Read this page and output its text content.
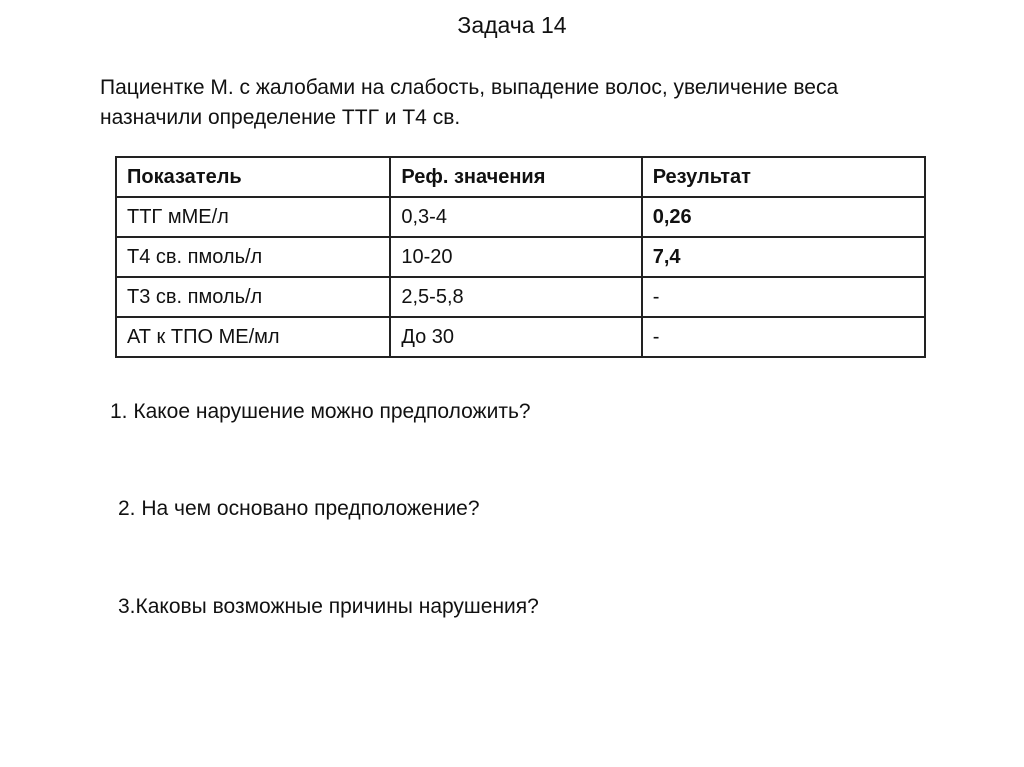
Задача 14

Пациентке М. с жалобами на слабость, выпадение волос, увеличение веса

назначили определение ТТГ и Т4 св.

Показатель	Реф. значения	Результат
ТТГ мМЕ/л	0,3-4	0,26
Т4 св. пмоль/л	10-20	7,4
Т3 св. пмоль/л	2,5-5,8	-
АТ к ТПО МЕ/мл	До 30	-
1. Какое нарушение можно предположить?
2. На чем основано предположение?
3.Каковы возможные причины нарушения?
